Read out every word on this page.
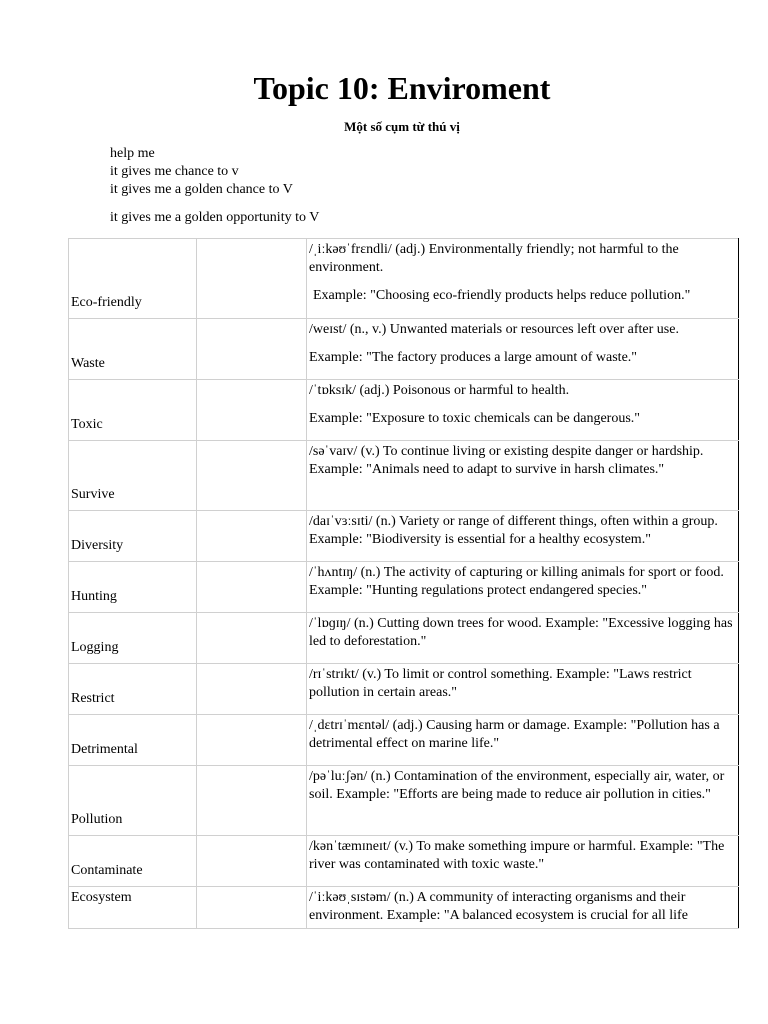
Topic 10: Enviroment
Một số cụm từ thú vị
help me
it gives me chance to v
it gives me a golden chance to V
it gives me a golden opportunity to V
Eco-friendly		/ˌiːkəʊˈfrɛndli/ (adj.) Environmentally friendly; not harmful to the environment.
Example: "Choosing eco-friendly products helps reduce pollution."

Waste		/weɪst/ (n., v.) Unwanted materials or resources left over after use.
Example: "The factory produces a large amount of waste."

Toxic		/ˈtɒksɪk/ (adj.) Poisonous or harmful to health.
Example: "Exposure to toxic chemicals can be dangerous."

Survive		/səˈvaɪv/ (v.) To continue living or existing despite danger or hardship. Example: "Animals need to adapt to survive in harsh climates."
Diversity		/daɪˈvɜːsɪti/ (n.) Variety or range of different things, often within a group. Example: "Biodiversity is essential for a healthy ecosystem."
Hunting		/ˈhʌntɪŋ/ (n.) The activity of capturing or killing animals for sport or food. Example: "Hunting regulations protect endangered species."
Logging		/ˈlɒɡɪŋ/ (n.) Cutting down trees for wood. Example: "Excessive logging has led to deforestation."
Restrict		/rɪˈstrɪkt/ (v.) To limit or control something. Example: "Laws restrict pollution in certain areas."
Detrimental		/ˌdɛtrɪˈmɛntəl/ (adj.) Causing harm or damage. Example: "Pollution has a detrimental effect on marine life."
Pollution		/pəˈluːʃən/ (n.) Contamination of the environment, especially air, water, or soil. Example: "Efforts are being made to reduce air pollution in cities."
Contaminate		/kənˈtæmɪneɪt/ (v.) To make something impure or harmful. Example: "The river was contaminated with toxic waste."
Ecosystem		/ˈiːkəʊˌsɪstəm/ (n.) A community of interacting organisms and their environment. Example: "A balanced ecosystem is crucial for all life
